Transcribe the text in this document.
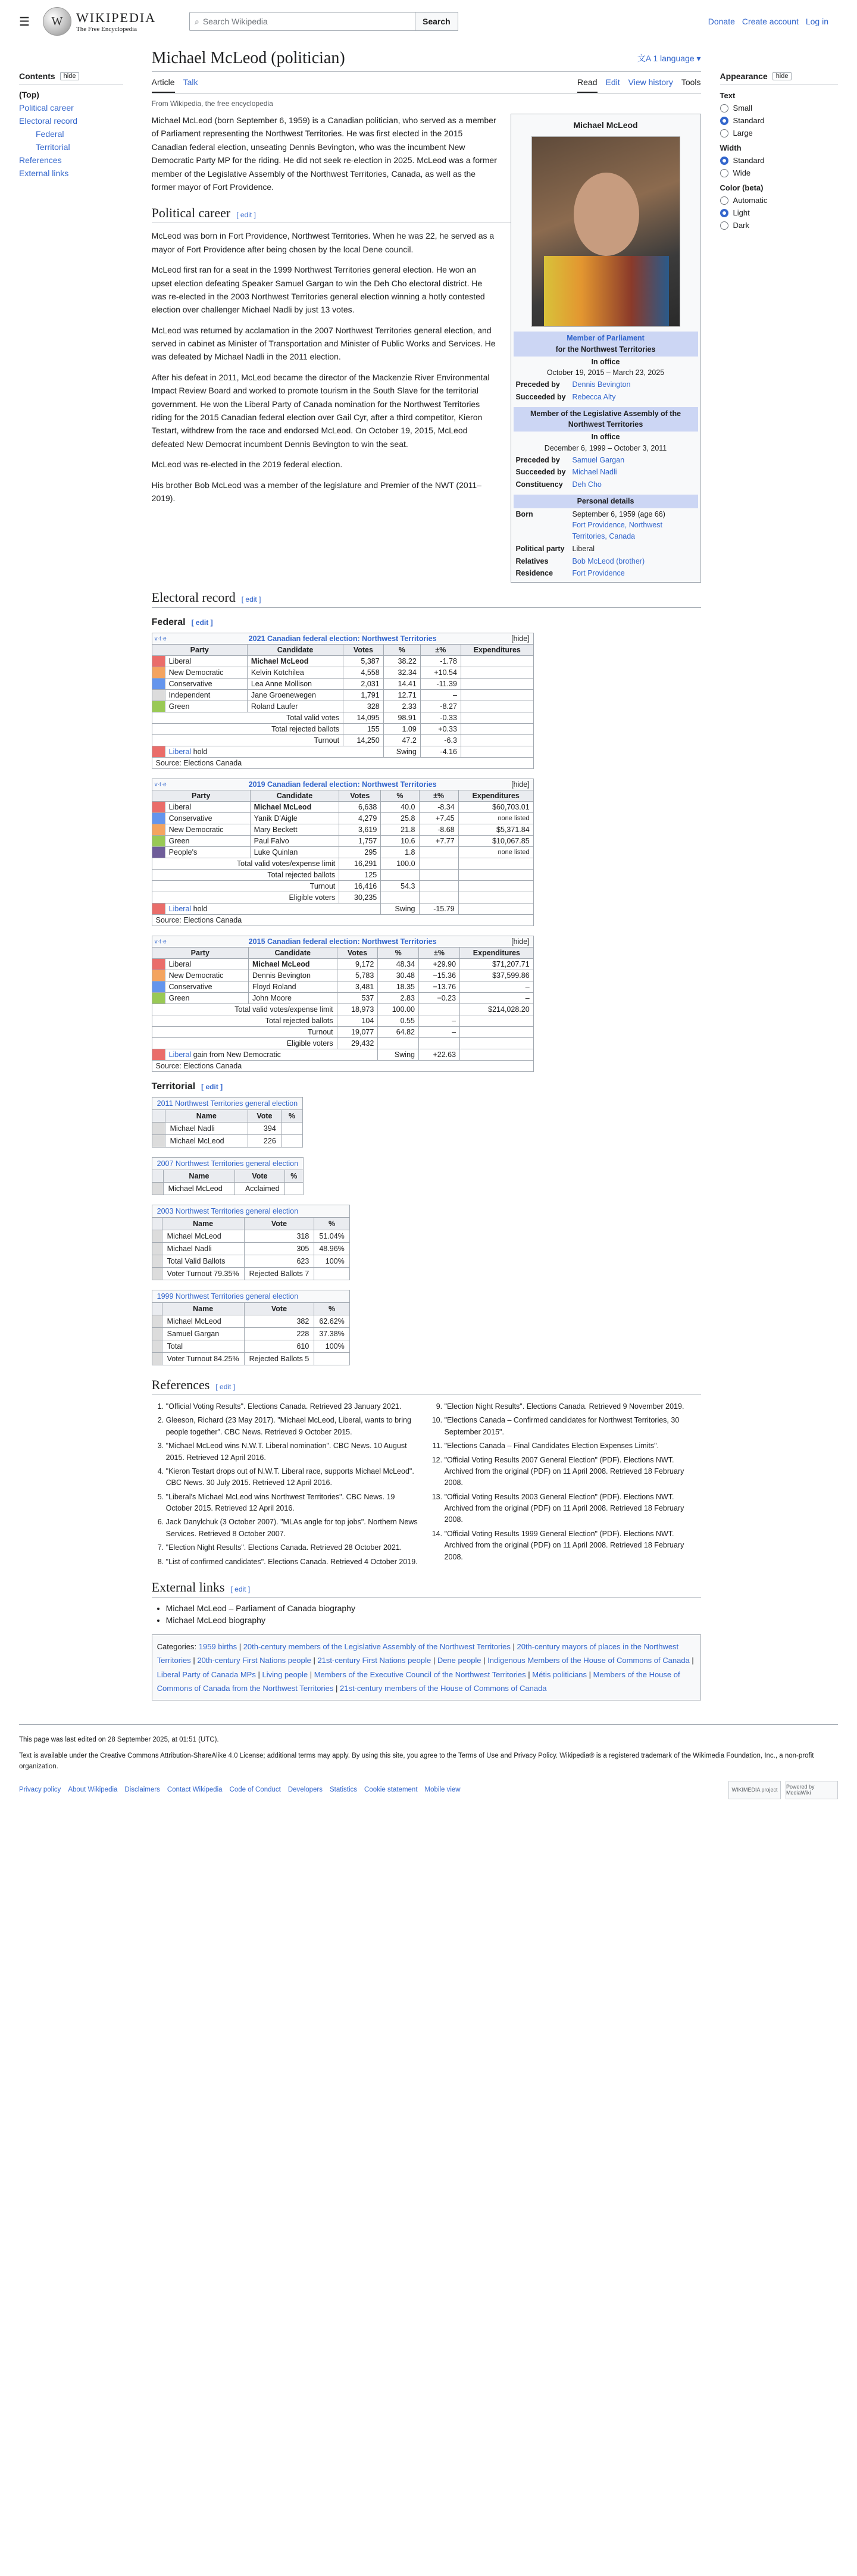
☰	W	WIKIPEDIA
The Free Encyclopedia
⌕ Search Wikipedia	Search	Donate Create account Log in
Contents	hide
(Top)
Political career
Electoral record
Federal
Territorial
References
External links
Michael McLeod (politician)	文A 1 language ▾
Article Talk	Read Edit View history Tools
From Wikipedia, the free encyclopedia
Michael McLeod
Member of Parliament
for the Northwest Territories
In office
October 19, 2015 – March 23, 2025
Preceded by	Dennis Bevington
Succeeded by Rebecca Alty
Member of the Legislative Assembly of the Northwest Territories
In office
December 6, 1999 – October 3, 2011
Preceded by	Samuel Gargan
Succeeded by Michael Nadli
Constituency	Deh Cho
Personal details
Born	September 6, 1959 (age 66)
Fort Providence, Northwest Territories, Canada
Political party	Liberal
Relatives	Bob McLeod (brother)
Residence	Fort Providence

Michael McLeod (born September 6, 1959) is a Canadian politician, who served as a member of Parliament representing the Northwest Territories. He was first elected in the 2015 Canadian federal election, unseating Dennis Bevington, who was the incumbent New Democratic Party MP for the riding. He did not seek re-election in 2025. McLeod was a former member of the Legislative Assembly of the Northwest Territories, Canada, as well as the former mayor of Fort Providence.

Political career [ edit ]

McLeod was born in Fort Providence, Northwest Territories. When he was 22, he served as a mayor of Fort Providence after being chosen by the local Dene council.

McLeod first ran for a seat in the 1999 Northwest Territories general election. He won an upset election defeating Speaker Samuel Gargan to win the Deh Cho electoral district. He was re-elected in the 2003 Northwest Territories general election winning a hotly contested election over challenger Michael Nadli by just 13 votes.

McLeod was returned by acclamation in the 2007 Northwest Territories general election, and served in cabinet as Minister of Transportation and Minister of Public Works and Services. He was defeated by Michael Nadli in the 2011 election.

After his defeat in 2011, McLeod became the director of the Mackenzie River Environmental Impact Review Board and worked to promote tourism in the South Slave for the territorial government. He won the Liberal Party of Canada nomination for the Northwest Territories riding for the 2015 Canadian federal election over Gail Cyr, after a third competitor, Kieron Testart, withdrew from the race and endorsed McLeod. On October 19, 2015, McLeod defeated New Democrat incumbent Dennis Bevington to win the seat.

McLeod was re-elected in the 2019 federal election.

His brother Bob McLeod was a member of the legislature and Premier of the NWT (2011–2019).

Electoral record [ edit ]
Federal [ edit ]
v·t·e 2021 Canadian federal election: Northwest Territories [hide]						

Party		Candidate	Votes	%	±%	Expenditures
	Liberal	Michael McLeod	5,387	38.22	-1.78	
	New Democratic	Kelvin Kotchilea	4,558	32.34	+10.54	
	Conservative	Lea Anne Mollison	2,031	14.41	-11.39	
	Independent	Jane Groenewegen	1,791	12.71	–	
	Green	Roland Laufer	328	2.33	-8.27	
Total valid votes			14,095	98.91	-0.33	
Total rejected ballots			155	1.09	+0.33	
Turnout			14,250	47.2	-6.3	
	Liberal hold			Swing	-4.16	
Source: Elections Canada						
v·t·e 2019 Canadian federal election: Northwest Territories [hide]						

Party		Candidate	Votes	%	±%	Expenditures
	Liberal	Michael McLeod	6,638	40.0	-8.34	$60,703.01
	Conservative	Yanik D'Aigle	4,279	25.8	+7.45	none listed
	New Democratic	Mary Beckett	3,619	21.8	-8.68	$5,371.84
	Green	Paul Falvo	1,757	10.6	+7.77	$10,067.85
	People's	Luke Quinlan	295	1.8		none listed
Total valid votes/expense limit			16,291	100.0		
Total rejected ballots			125			
Turnout			16,416	54.3		
Eligible voters			30,235			
	Liberal hold			Swing	-15.79	
Source: Elections Canada						
v·t·e 2015 Canadian federal election: Northwest Territories [hide]						

Party		Candidate	Votes	%	±%	Expenditures
	Liberal	Michael McLeod	9,172	48.34	+29.90	$71,207.71
	New Democratic	Dennis Bevington	5,783	30.48	−15.36	$37,599.86
	Conservative	Floyd Roland	3,481	18.35	−13.76	–
	Green	John Moore	537	2.83	−0.23	–
Total valid votes/expense limit			18,973	100.00		$214,028.20
Total rejected ballots			104	0.55	–	
Turnout			19,077	64.82	–	
Eligible voters			29,432			
	Liberal gain from New Democratic			Swing	+22.63	
Source: Elections Canada						
Territorial [ edit ]
2011 Northwest Territories general election			
	Name	Vote	%
	Michael Nadli	394	
	Michael McLeod	226	
2007 Northwest Territories general election			
	Name	Vote	%
	Michael McLeod	Acclaimed	
2003 Northwest Territories general election			
	Name	Vote	%
	Michael McLeod	318	51.04%
	Michael Nadli	305	48.96%
	Total Valid Ballots	623	100%
	Voter Turnout 79.35%	Rejected Ballots 7	
1999 Northwest Territories general election			
	Name	Vote	%
	Michael McLeod	382	62.62%
	Samuel Gargan	228	37.38%
	Total	610	100%
	Voter Turnout 84.25%	Rejected Ballots 5	
References [ edit ]
1. "Official Voting Results". Elections Canada. Retrieved 23 January 2021.
2. Gleeson, Richard (23 May 2017). "Michael McLeod, Liberal, wants to bring people together". CBC News. Retrieved 9 October 2015.
3. "Michael McLeod wins N.W.T. Liberal nomination". CBC News. 10 August 2015. Retrieved 12 April 2016.
4. "Kieron Testart drops out of N.W.T. Liberal race, supports Michael McLeod". CBC News. 30 July 2015. Retrieved 12 April 2016.
5. "Liberal's Michael McLeod wins Northwest Territories". CBC News. 19 October 2015. Retrieved 12 April 2016.
6. Jack Danylchuk (3 October 2007). "MLAs angle for top jobs". Northern News Services. Retrieved 8 October 2007.
7. "Election Night Results". Elections Canada. Retrieved 28 October 2021.
8. "List of confirmed candidates". Elections Canada. Retrieved 4 October 2019.
9. "Election Night Results". Elections Canada. Retrieved 9 November 2019.
10. "Elections Canada – Confirmed candidates for Northwest Territories, 30 September 2015".
11. "Elections Canada – Final Candidates Election Expenses Limits".
12. "Official Voting Results 2007 General Election" (PDF). Elections NWT. Archived from the original (PDF) on 11 April 2008. Retrieved 18 February 2008.
13. "Official Voting Results 2003 General Election" (PDF). Elections NWT. Archived from the original (PDF) on 11 April 2008. Retrieved 18 February 2008.
14. "Official Voting Results 1999 General Election" (PDF). Elections NWT. Archived from the original (PDF) on 11 April 2008. Retrieved 18 February 2008.
External links [ edit ]
• Michael McLeod – Parliament of Canada biography
• Michael McLeod biography
Categories: 1959 births | 20th-century members of the Legislative Assembly of the Northwest Territories | 20th-century mayors of places in the Northwest Territories | 20th-century First Nations people | 21st-century First Nations people | Dene people | Indigenous Members of the House of Commons of Canada | Liberal Party of Canada MPs | Living people | Members of the Executive Council of the Northwest Territories | Métis politicians | Members of the House of Commons of Canada from the Northwest Territories | 21st-century members of the House of Commons of Canada
Appearance	hide
Text
Small
Standard
Large
Width
Standard
Wide
Color (beta)
Automatic
Light
Dark

This page was last edited on 28 September 2025, at 01:51 (UTC).

Text is available under the Creative Commons Attribution-ShareAlike 4.0 License; additional terms may apply. By using this site, you agree to the Terms of Use and Privacy Policy. Wikipedia® is a registered trademark of the Wikimedia Foundation, Inc., a non-profit organization.

Privacy policy About Wikipedia Disclaimers Contact Wikipedia Code of Conduct Developers Statistics Cookie statement Mobile view	WIKIMEDIA project	Powered by MediaWiki
